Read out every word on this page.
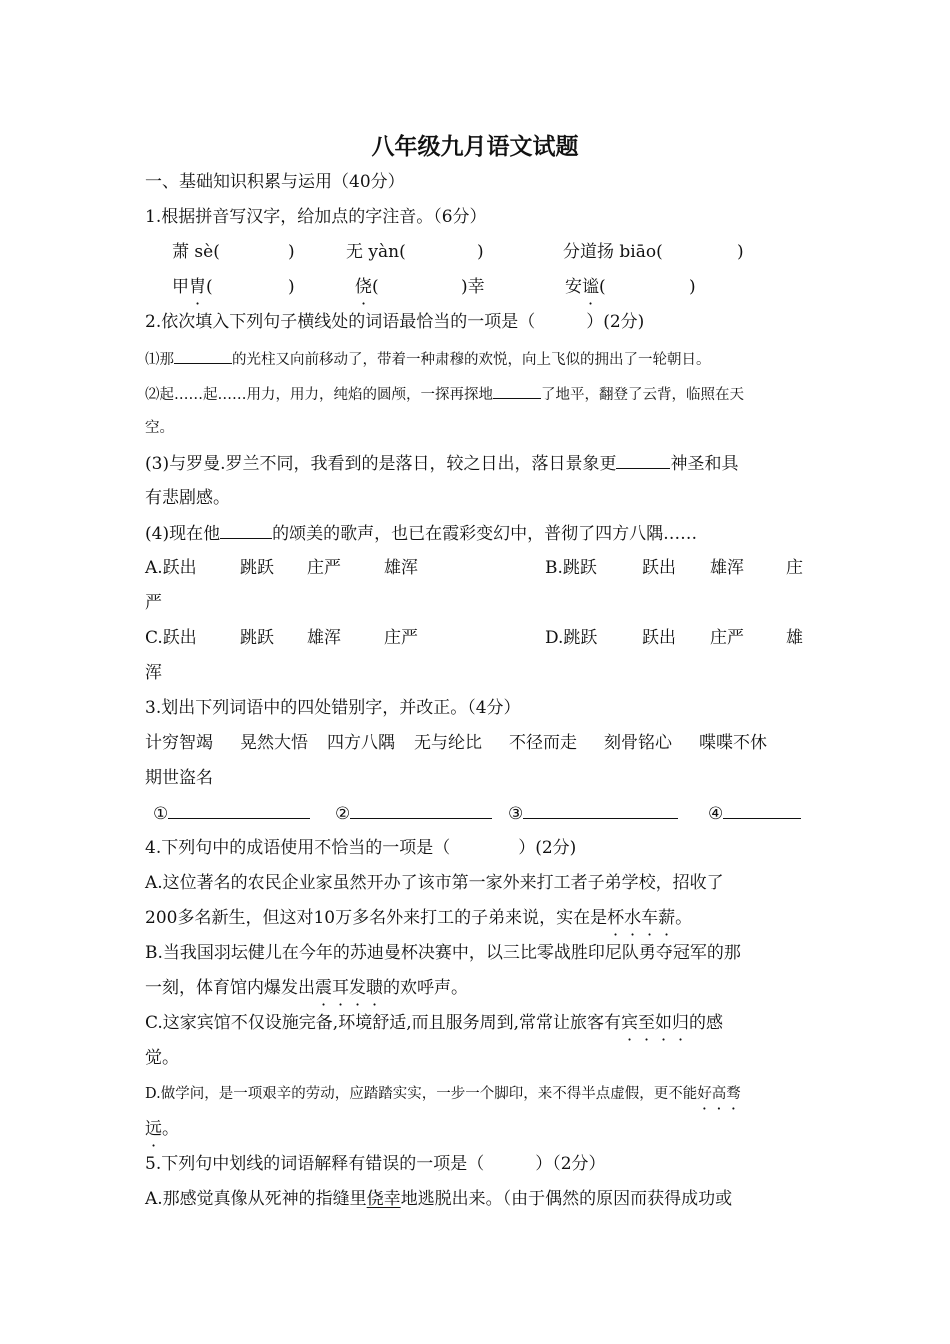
八年级九月语文试题
一、基础知识积累与运用（40分）
1.根据拼音写汉字，给加点的字注音。（6分）
萧 sè(	)	无 yàn(	)	分道扬 biāo(	)
甲胄(	)	侥(	)幸	安谧(	)
2.依次填入下列句子横线处的词语最恰当的一项是（　　　）(2分)
⑴那	的光柱又向前移动了，带着一种肃穆的欢悦，向上飞似的拥出了一轮朝日。
⑵起……起……用力，用力，纯焰的圆颅，一探再探地	了地平，翻登了云背，临照在天
空。
(3)与罗曼.罗兰不同，我看到的是落日，较之日出，落日景象更	神圣和具
有悲剧感。
(4)现在他	的颂美的歌声，也已在霞彩变幻中，普彻了四方八隅……
A.跃出	跳跃 庄严	雄浑	B.跳跃	跃出 雄浑 庄
严
C.跃出	跳跃 雄浑	庄严	D.跳跃	跃出 庄严 雄
浑
3.划出下列词语中的四处错别字，并改正。（4分）
计穷智竭 晃然大悟 四方八隅 无与纶比 不径而走 刻骨铭心 喋喋不休
期世盗名
①	②	③	④
4.下列句中的成语使用不恰当的一项是（　　　　）(2分)
A.这位著名的农民企业家虽然开办了该市第一家外来打工者子弟学校，招收了
200多名新生，但这对10万多名外来打工的子弟来说，实在是杯水车薪。
B.当我国羽坛健儿在今年的苏迪曼杯决赛中，以三比零战胜印尼队勇夺冠军的那
一刻，体育馆内爆发出震耳发聩的欢呼声。
C.这家宾馆不仅设施完备,环境舒适,而且服务周到,常常让旅客有宾至如归的感
觉。
D.做学问，是一项艰辛的劳动，应踏踏实实，一步一个脚印，来不得半点虚假，更不能好高骛
远。
5.下列句中划线的词语解释有错误的一项是（　　　）（2分）
A.那感觉真像从死神的指缝里侥幸地逃脱出来。（由于偶然的原因而获得成功或
